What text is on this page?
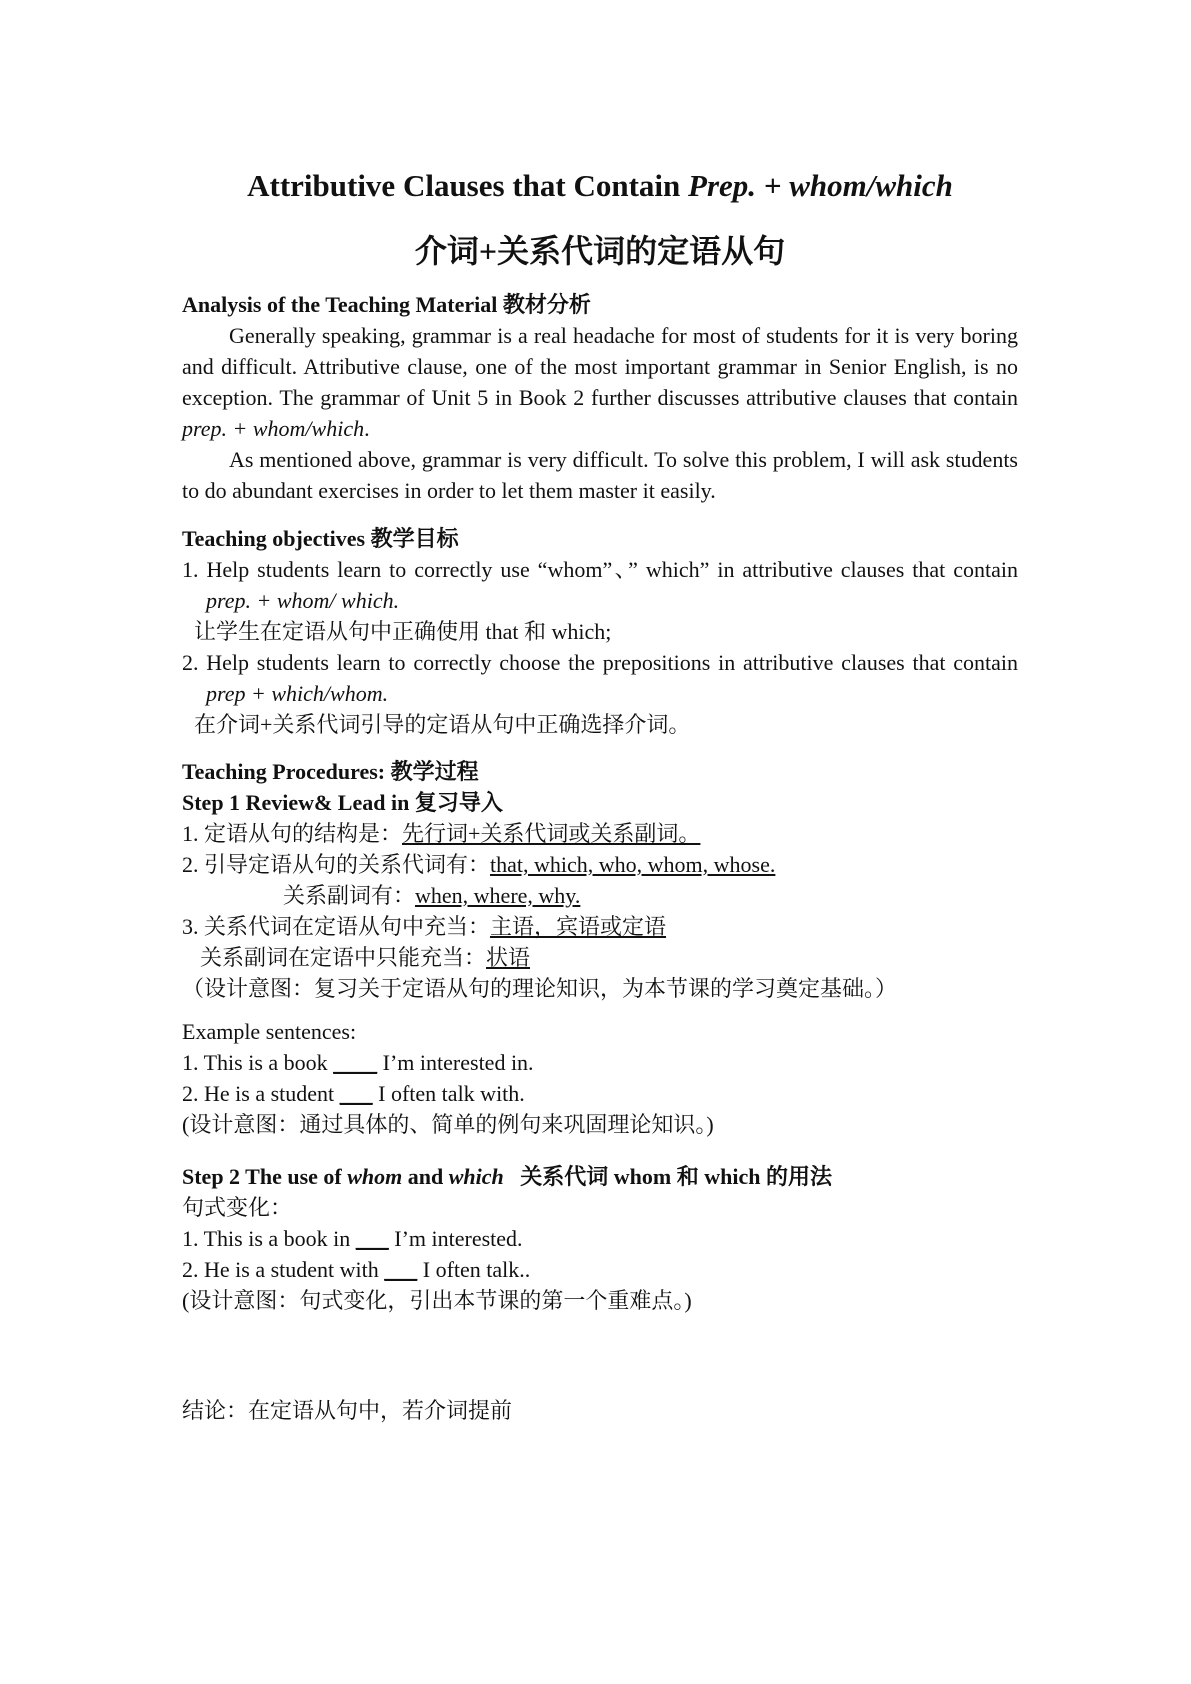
Attributive Clauses that Contain Prep. + whom/which
介词+关系代词的定语从句
Analysis of the Teaching Material 教材分析
Generally speaking, grammar is a real headache for most of students for it is very boring and difficult. Attributive clause, one of the most important grammar in Senior English, is no exception. The grammar of Unit 5 in Book 2 further discusses attributive clauses that contain prep. + whom/which.
As mentioned above, grammar is very difficult. To solve this problem, I will ask students to do abundant exercises in order to let them master it easily.
Teaching objectives 教学目标
1. Help students learn to correctly use “whom”、” which” in attributive clauses that contain prep. + whom/ which.
让学生在定语从句中正确使用 that 和 which;
2. Help students learn to correctly choose the prepositions in attributive clauses that contain prep + which/whom.
在介词+关系代词引导的定语从句中正确选择介词。
Teaching Procedures: 教学过程
Step 1 Review& Lead in 复习导入
1. 定语从句的结构是：先行词+关系代词或关系副词。
2. 引导定语从句的关系代词有：that, which, who, whom, whose.
关系副词有：when, where, why.
3. 关系代词在定语从句中充当：主语，宾语或定语
关系副词在定语中只能充当：状语
（设计意图：复习关于定语从句的理论知识，为本节课的学习奠定基础。）
Example sentences:
1. This is a book ____ I’m interested in.
2. He is a student ___ I often talk with.
(设计意图：通过具体的、简单的例句来巩固理论知识。)
Step 2 The use of whom and which   关系代词 whom 和 which 的用法
句式变化：
1. This is a book in ___ I’m interested.
2. He is a student with ___ I often talk..
(设计意图：句式变化，引出本节课的第一个重难点。)
结论：在定语从句中，若介词提前
